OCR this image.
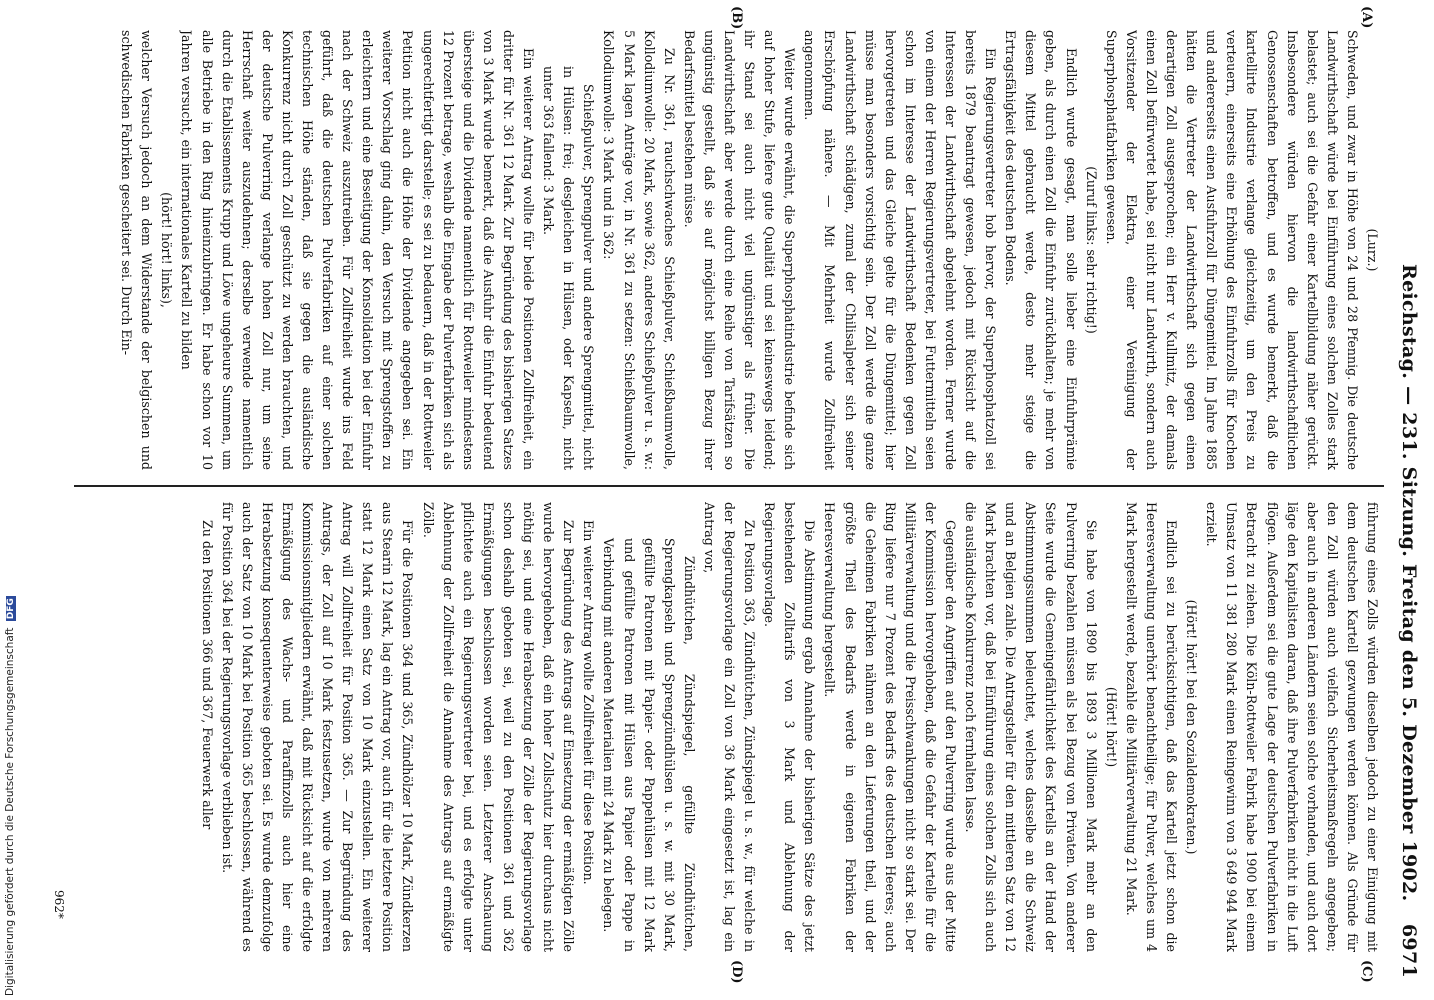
Reichstag. — 231. Sitzung. Freitag den 5. Dezember 1902.
6971
(A)
(B)
(C)
(D)

(Lurz.)

Schweden, und zwar in Höhe von 24 und 28 Pfennig. Die deutsche Landwirthschaft würde bei Einführung eines solchen Zolles stark belastet; auch sei die Gefahr einer Kartellbildung näher gerückt. Insbesondere würden hiervon die landwirthschaftlichen Genossenschaften betroffen, und es wurde bemerkt, daß die kartellirte Industrie verlange gleichzeitig, um den Preis zu verteuern, einerseits eine Erhöhung des Einfuhrzolls für Knochen und andererseits einen Ausfuhrzoll für Düngemittel. Im Jahre 1885 hätten die Vertreter der Landwirthschaft sich gegen einen derartigen Zoll ausgesprochen; ein Herr v. Kullmitz, der damals einen Zoll befürwortet habe, sei nicht nur Landwirth, sondern auch Vorsitzender der Elektra, einer Vereinigung der Superphosphatfabriken gewesen.

(Zuruf links: sehr richtig!)

Endlich wurde gesagt, man solle lieber eine Einfuhrprämie geben, als durch einen Zoll die Einfuhr zurückhalten; je mehr von diesem Mittel gebraucht werde, desto mehr steige die Ertragsfähigkeit des deutschen Bodens.

Ein Regierungsvertreter hob hervor, der Superphosphatzoll sei bereits 1879 beantragt gewesen, jedoch mit Rücksicht auf die Interessen der Landwirthschaft abgelehnt worden. Ferner wurde von einem der Herren Regierungsvertreter, bei Futtermitteln seien schon im Interesse der Landwirthschaft Bedenken gegen Zoll hervorgetreten und das Gleiche gelte für die Düngemittel; hier müsse man besonders vorsichtig sein. Der Zoll werde die ganze Landwirthschaft schädigen, zumal der Chilisalpeter sich seiner Erschöpfung nähere. — Mit Mehrheit wurde Zollfreiheit angenommen.

Weiter wurde erwähnt, die Superphosphatindustrie befinde sich auf hoher Stufe, liefere gute Qualität und sei keineswegs leidend; ihr Stand sei auch nicht viel ungünstiger als früher. Die Landwirthschaft aber werde durch eine Reihe von Tarifsätzen so ungünstig gestellt, daß sie auf möglichst billigen Bezug ihrer Bedarfsmittel bestehen müsse.

Zu Nr. 361, rauchschwaches Schießpulver, Schießbaumwolle, Kollodiumwolle: 20 Mark, sowie 362, anderes Schießpulver u. s. w.: 5 Mark lagen Anträge vor, in Nr. 361 zu setzen: Schießbaumwolle, Kollodiumwolle: 3 Mark und in 362:

Schießpulver, Sprengpulver und andere Sprengmittel, nicht in Hülsen: frei; desgleichen in Hülsen, oder Kapseln, nicht unter 363 fallend: 3 Mark.

Ein weiterer Antrag wollte für beide Positionen Zollfreiheit, ein dritter für Nr. 361 12 Mark. Zur Begründung des bisherigen Satzes von 3 Mark wurde bemerkt, daß die Ausfuhr die Einfuhr bedeutend übersteige und die Dividende namentlich für Rottweiler mindestens 12 Prozent betrage, weshalb die Eingabe der Pulverfabriken sich als ungerechtfertigt darstelle; es sei zu bedauern, daß in der Rottweiler Petition nicht auch die Höhe der Dividende angegeben sei. Ein weiterer Vorschlag ging dahin, den Versuch mit Sprengstoffen zu erleichtern und eine Beseitigung der Konsolidation bei der Einfuhr nach der Schweiz auszutreiben. Für Zollfreiheit wurde ins Feld geführt, daß die deutschen Pulverfabriken auf einer solchen technischen Höhe ständen, daß sie gegen die ausländische Konkurrenz nicht durch Zoll geschützt zu werden brauchten, und der deutsche Pulverring verlange hohen Zoll nur, um seine Herrschaft weiter auszudehnen; derselbe verwende namentlich durch die Etablissements Krupp und Löwe ungeheure Summen, um alle Betriebe in den Ring hineinzubringen. Er habe schon vor 10 Jahren versucht, ein internationales Kartell zu bilden

(hört! hört! links),

welcher Versuch jedoch an dem Widerstande der belgischen und schwedischen Fabriken gescheitert sei. Durch Ein-

führung eines Zolls würden dieselben jedoch zu einer Einigung mit dem deutschen Kartell gezwungen werden können. Als Gründe für den Zoll würden auch vielfach Sicherheitsmaßregeln angegeben; aber auch in anderen Ländern seien solche vorhanden, und auch dort läge den Kapitalisten daran, daß ihre Pulverfabriken nicht in die Luft flögen. Außerdem sei die gute Lage der deutschen Pulverfabriken in Betracht zu ziehen. Die Köln-Rottweiler Fabrik habe 1900 bei einem Umsatz von 11 381 280 Mark einen Reingewinn von 3 649 944 Mark erzielt.

(Hört! hört! bei den Sozialdemokraten.)

Endlich sei zu berücksichtigen, daß das Kartell jetzt schon die Heeresverwaltung unerhört benachtheilige; für Pulver, welches um 4 Mark hergestellt werde, bezahle die Militärverwaltung 21 Mark.

(Hört! hört!)

Sie habe von 1890 bis 1893 3 Millionen Mark mehr an den Pulverring bezahlen müssen als bei Bezug von Privaten. Von anderer Seite wurde die Gemeingefährlichkeit des Kartells an der Hand der Abstimmungssummen beleuchtet, welches dasselbe an die Schweiz und an Belgien zahle. Die Antragsteller für den mittleren Satz von 12 Mark brachten vor, daß bei Einführung eines solchen Zolls sich auch die ausländische Konkurrenz noch fernhalten lasse.

Gegenüber den Angriffen auf den Pulverring wurde aus der Mitte der Kommission hervorgehoben, daß die Gefahr der Kartelle für die Militärverwaltung und die Preisschwankungen nicht so stark sei. Der Ring liefere nur 7 Prozent des Bedarfs des deutschen Heeres; auch die Geheimen Fabriken nähmen an den Lieferungen theil, und der größte Theil des Bedarfs werde in eigenen Fabriken der Heeresverwaltung hergestellt.

Die Abstimmung ergab Annahme der bisherigen Sätze des jetzt bestehenden Zolltarifs von 3 Mark und Ablehnung der Regierungsvorlage.

Zu Position 363, Zündhütchen, Zündspiegel u. s. w., für welche in der Regierungsvorlage ein Zoll von 36 Mark eingesetzt ist, lag ein Antrag vor,

Zündhütchen, Zündspiegel, gefüllte Zündhütchen, Sprengkapseln und Sprengzündhülsen u. s. w. mit 30 Mark, gefüllte Patronen mit Papier- oder Pappehülsen mit 12 Mark und gefüllte Patronen mit Hülsen aus Papier oder Pappe in Verbindung mit anderen Materialien mit 24 Mark zu belegen.

Ein weiterer Antrag wollte Zollfreiheit für diese Position.

Zur Begründung des Antrags auf Einsetzung der ermäßigten Zölle wurde hervorgehoben, daß ein hoher Zollschutz hier durchaus nicht nöthig sei, und eine Herabsetzung der Zölle der Regierungsvorlage schon deshalb geboten sei, weil zu den Positionen 361 und 362 Ermäßigungen beschlossen worden seien. Letzterer Anschauung pflichtete auch ein Regierungsvertreter bei, und es erfolgte unter Ablehnung der Zollfreiheit die Annahme des Antrags auf ermäßigte Zölle.

Für die Positionen 364 und 365, Zündhölzer 10 Mark, Zündkerzen aus Stearin 12 Mark, lag ein Antrag vor, auch für die letztere Position statt 12 Mark einen Satz von 10 Mark einzustellen. Ein weiterer Antrag will Zollfreiheit für Position 365. — Zur Begründung des Antrags, der Zoll auf 10 Mark festzusetzen, wurde von mehreren Kommissionsmitgliedern erwähnt, daß mit Rücksicht auf die erfolgte Ermäßigung des Wachs- und Paraffinzolls auch hier eine Herabsetzung konsequenterweise geboten sei. Es wurde demzufolge auch der Satz von 10 Mark bei Position 365 beschlossen, während es für Position 364 bei der Regierungsvorlage verblieben ist.

Zu den Positionen 366 und 367, Feuerwerk aller

962*
Digitalisierung gefördert durch die Deutsche Forschungsgemeinschaft DFG
